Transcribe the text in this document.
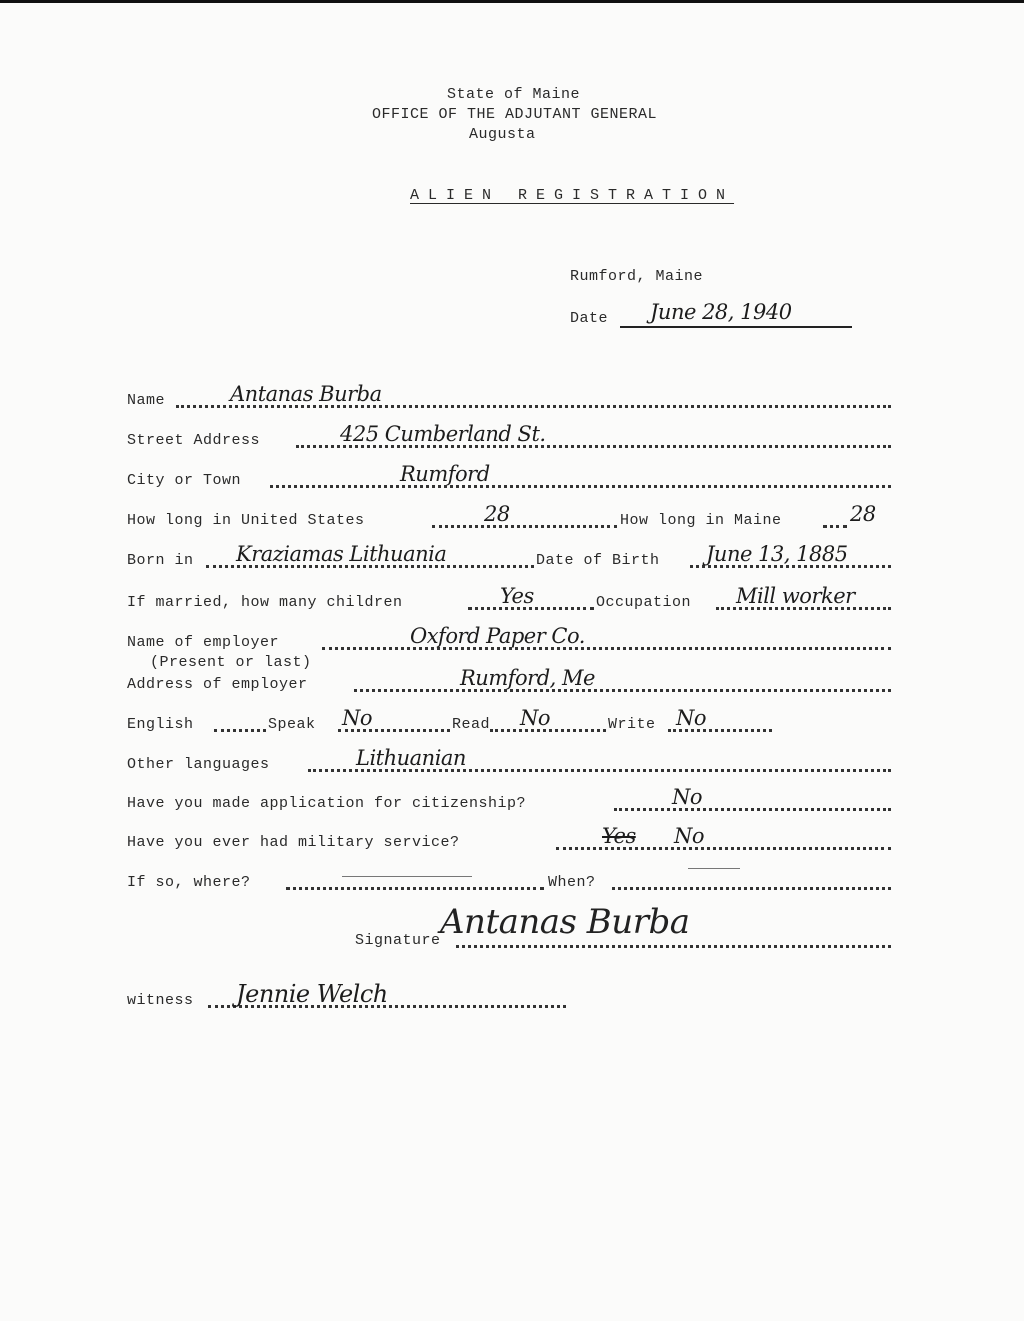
State of Maine
OFFICE OF THE ADJUTANT GENERAL
Augusta
ALIEN REGISTRATION
Rumford, Maine
Date June 28, 1940
Name	Antanas Burba
Street Address	425 Cumberland St.
City or Town	Rumford
How long in United States	28	How long in Maine	28
Born in Kraziamas Lithuania	Date of Birth June 13, 1885
If married, how many children	Yes	Occupation Mill worker
Name of employer	Oxford Paper Co.
(Present or last)
Address of employer	Rumford, Me
English	Speak No	Read No	Write No
Other languages	Lithuanian
Have you made application for citizenship?	No
Have you ever had military service?	Yes No
If so, where?	When?
Signature Antanas Burba
witness Jennie Welch
